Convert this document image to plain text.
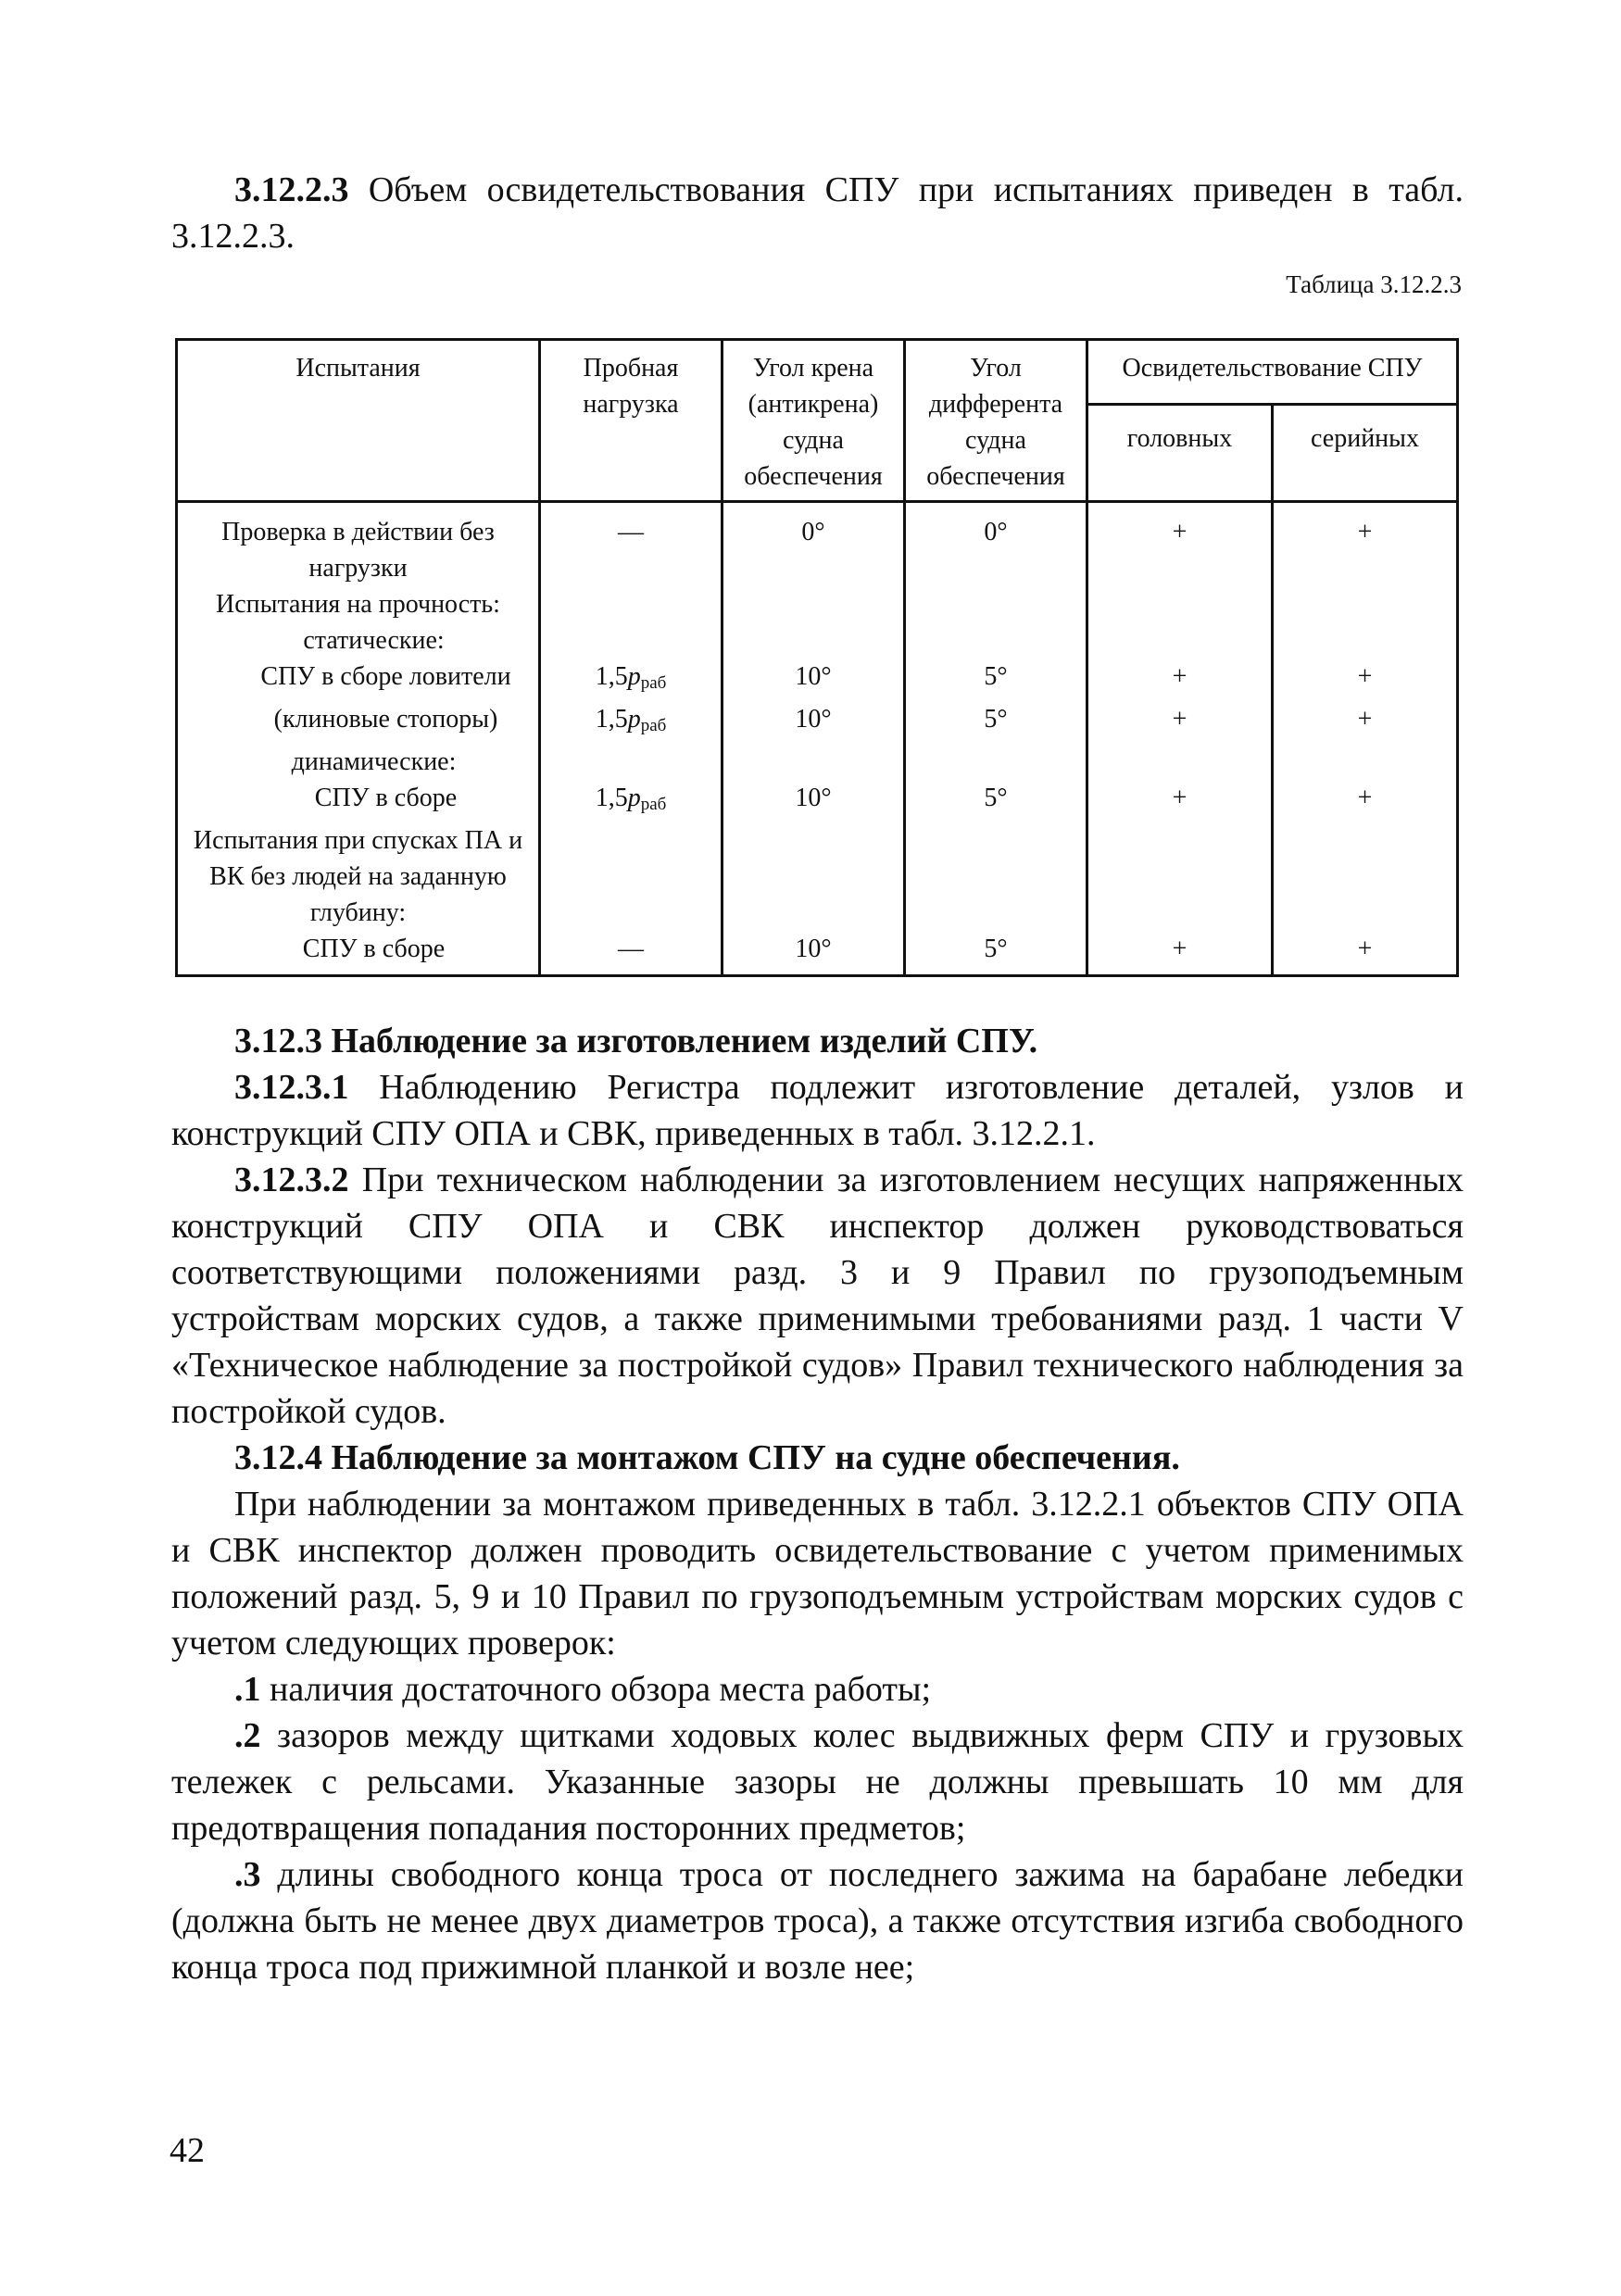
3.12.2.3 Объем освидетельствования СПУ при испытаниях приведен в табл. 3.12.2.3.

Таблица 3.12.2.3
Испытания	Пробная нагрузка	Угол крена (антикрена) судна обеспечения	Угол дифферента судна обеспечения	Освидетельствование СПУ	
				головных	серийных
Проверка в действии без нагрузки	—	0°	0°	+	+
Испытания на прочность:					
статические:					
СПУ в сборе ловители	$1,5p_{раб}$	10°	5°	+	+
(клиновые стопоры)	$1,5p_{раб}$	10°	5°	+	+
динамические:					
СПУ в сборе	$1,5p_{раб}$	10°	5°	+	+
Испытания при спусках ПА и ВК без людей на заданную глубину:					
СПУ в сборе	—	10°	5°	+	+

3.12.3 Наблюдение за изготовлением изделий СПУ.

3.12.3.1 Наблюдению Регистра подлежит изготовление деталей, узлов и конструкций СПУ ОПА и СВК, приведенных в табл. 3.12.2.1.

3.12.3.2 При техническом наблюдении за изготовлением несущих напряженных конструкций СПУ ОПА и СВК инспектор должен руководствоваться соответствующими положениями разд. 3 и 9 Правил по грузоподъемным устройствам морских судов, а также применимыми требованиями разд. 1 части V «Техническое наблюдение за постройкой судов» Правил технического наблюдения за постройкой судов.

3.12.4 Наблюдение за монтажом СПУ на судне обеспечения.

При наблюдении за монтажом приведенных в табл. 3.12.2.1 объектов СПУ ОПА и СВК инспектор должен проводить освидетельствование с учетом применимых положений разд. 5, 9 и 10 Правил по грузоподъемным устройствам морских судов с учетом следующих проверок:

.1 наличия достаточного обзора места работы;

.2 зазоров между щитками ходовых колес выдвижных ферм СПУ и грузовых тележек с рельсами. Указанные зазоры не должны превышать 10 мм для предотвращения попадания посторонних предметов;

.3 длины свободного конца троса от последнего зажима на барабане лебедки (должна быть не менее двух диаметров троса), а также отсутствия изгиба свободного конца троса под прижимной планкой и возле нее;

42
